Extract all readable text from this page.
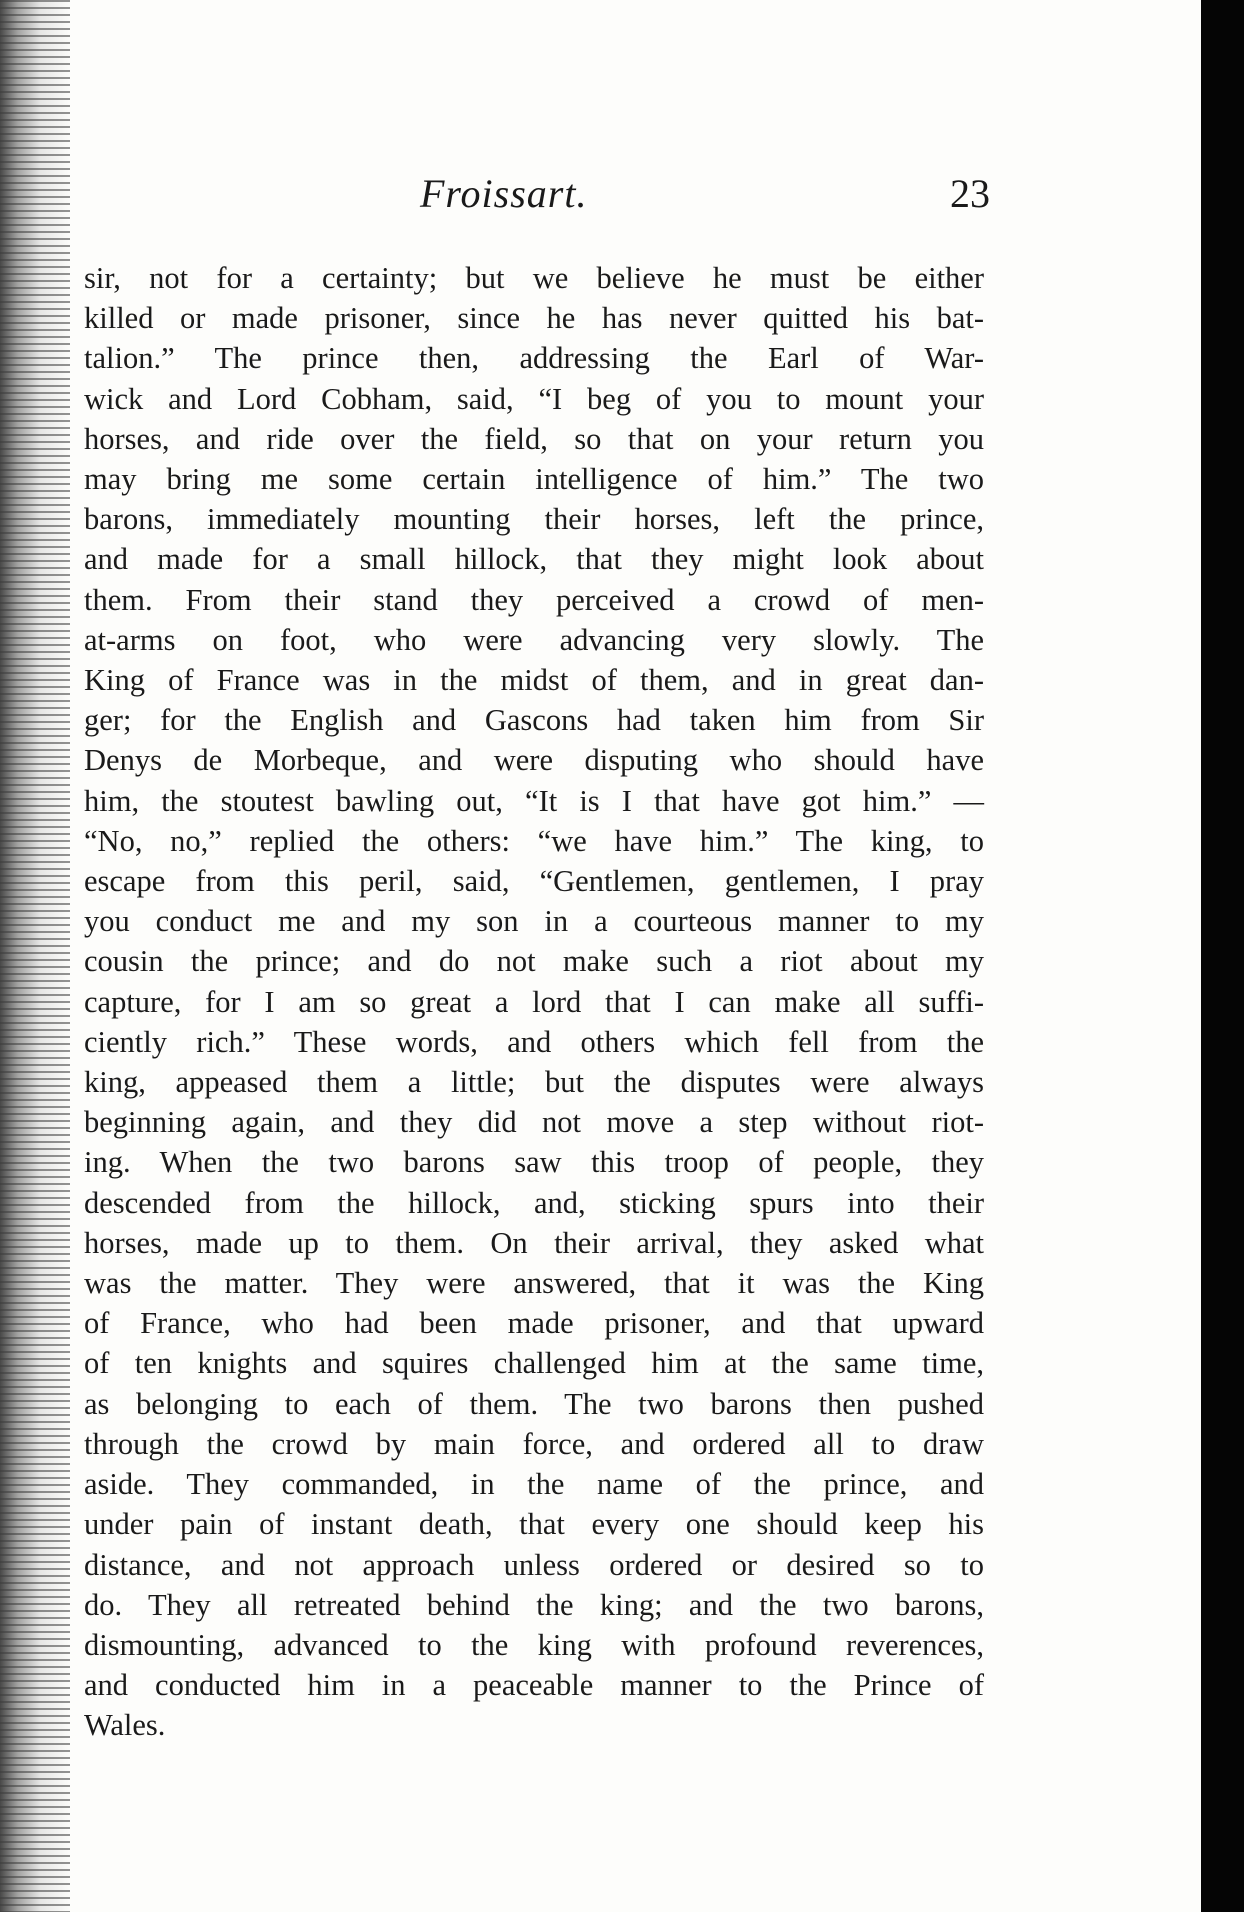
Froissart.	23
sir, not for a certainty; but we believe he must be either
killed or made prisoner, since he has never quitted his bat-
talion.” The prince then, addressing the Earl of War-
wick and Lord Cobham, said, “I beg of you to mount your
horses, and ride over the field, so that on your return you
may bring me some certain intelligence of him.” The two
barons, immediately mounting their horses, left the prince,
and made for a small hillock, that they might look about
them. From their stand they perceived a crowd of men-
at-arms on foot, who were advancing very slowly. The
King of France was in the midst of them, and in great dan-
ger; for the English and Gascons had taken him from Sir
Denys de Morbeque, and were disputing who should have
him, the stoutest bawling out, “It is I that have got him.” —
“No, no,” replied the others: “we have him.” The king, to
escape from this peril, said, “Gentlemen, gentlemen, I pray
you conduct me and my son in a courteous manner to my
cousin the prince; and do not make such a riot about my
capture, for I am so great a lord that I can make all suffi-
ciently rich.” These words, and others which fell from the
king, appeased them a little; but the disputes were always
beginning again, and they did not move a step without riot-
ing. When the two barons saw this troop of people, they
descended from the hillock, and, sticking spurs into their
horses, made up to them. On their arrival, they asked what
was the matter. They were answered, that it was the King
of France, who had been made prisoner, and that upward
of ten knights and squires challenged him at the same time,
as belonging to each of them. The two barons then pushed
through the crowd by main force, and ordered all to draw
aside. They commanded, in the name of the prince, and
under pain of instant death, that every one should keep his
distance, and not approach unless ordered or desired so to
do. They all retreated behind the king; and the two barons,
dismounting, advanced to the king with profound reverences,
and conducted him in a peaceable manner to the Prince of
Wales.
